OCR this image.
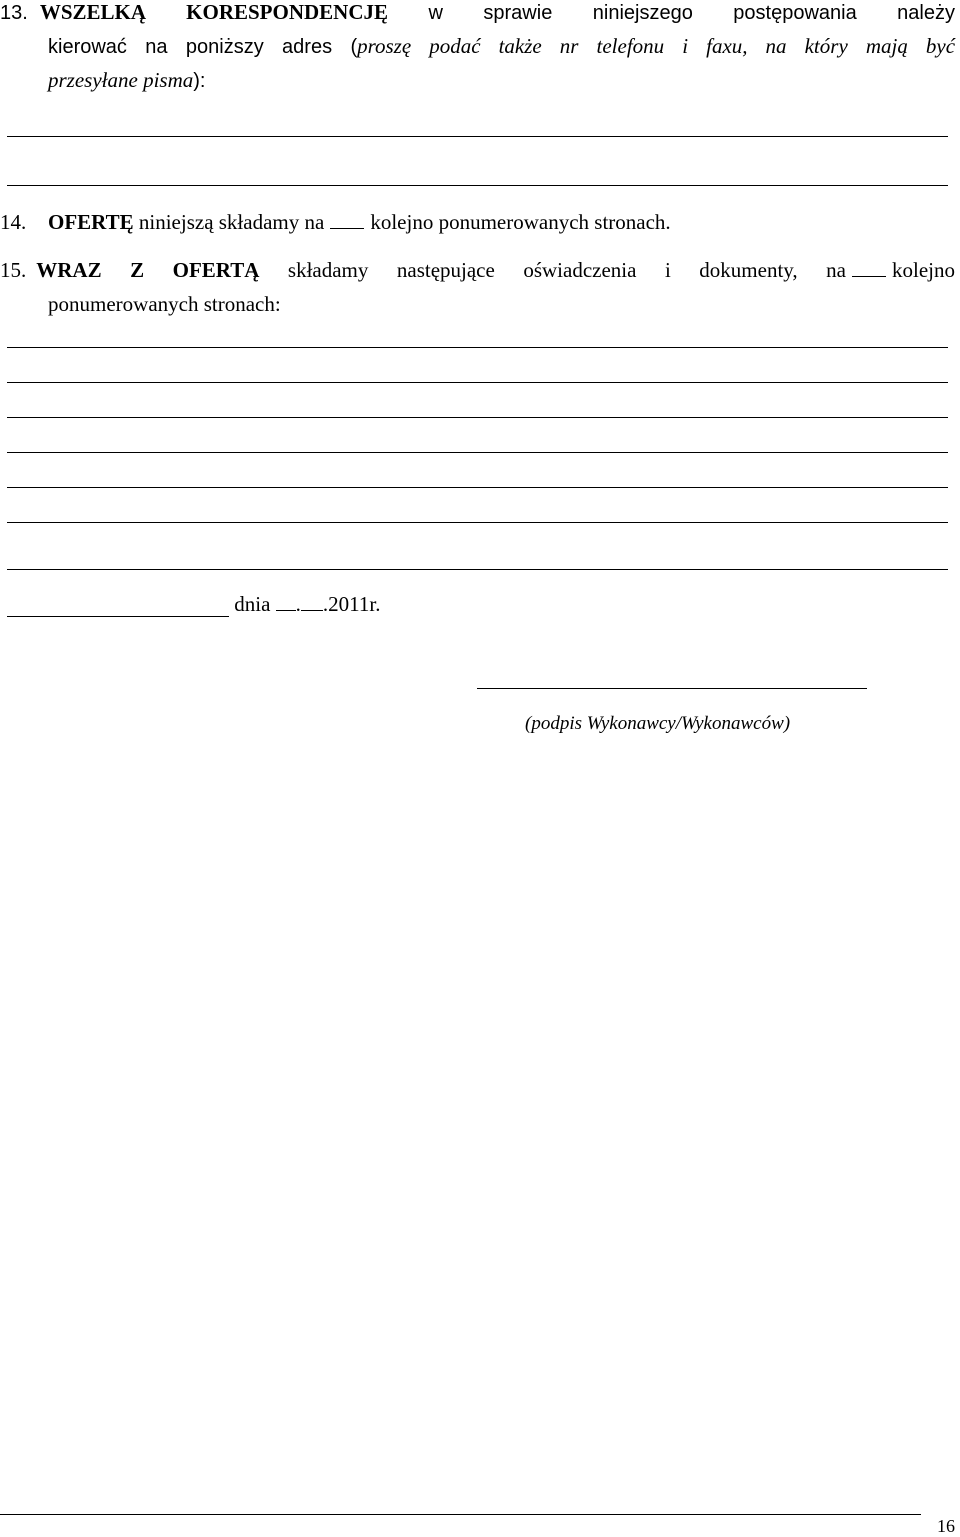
13. WSZELKĄ KORESPONDENCJĘ w sprawie niniejszego postępowania należy
kierować na poniższy adres (proszę podać także nr telefonu i faxu, na który mają być
przesyłane pisma):
14. OFERTĘ niniejszą składamy na kolejno ponumerowanych stronach.
15. WRAZ Z OFERTĄ składamy następujące oświadczenia i dokumenty, na kolejno
ponumerowanych stronach:
dnia . .2011r.
(podpis Wykonawcy/Wykonawców)
16
